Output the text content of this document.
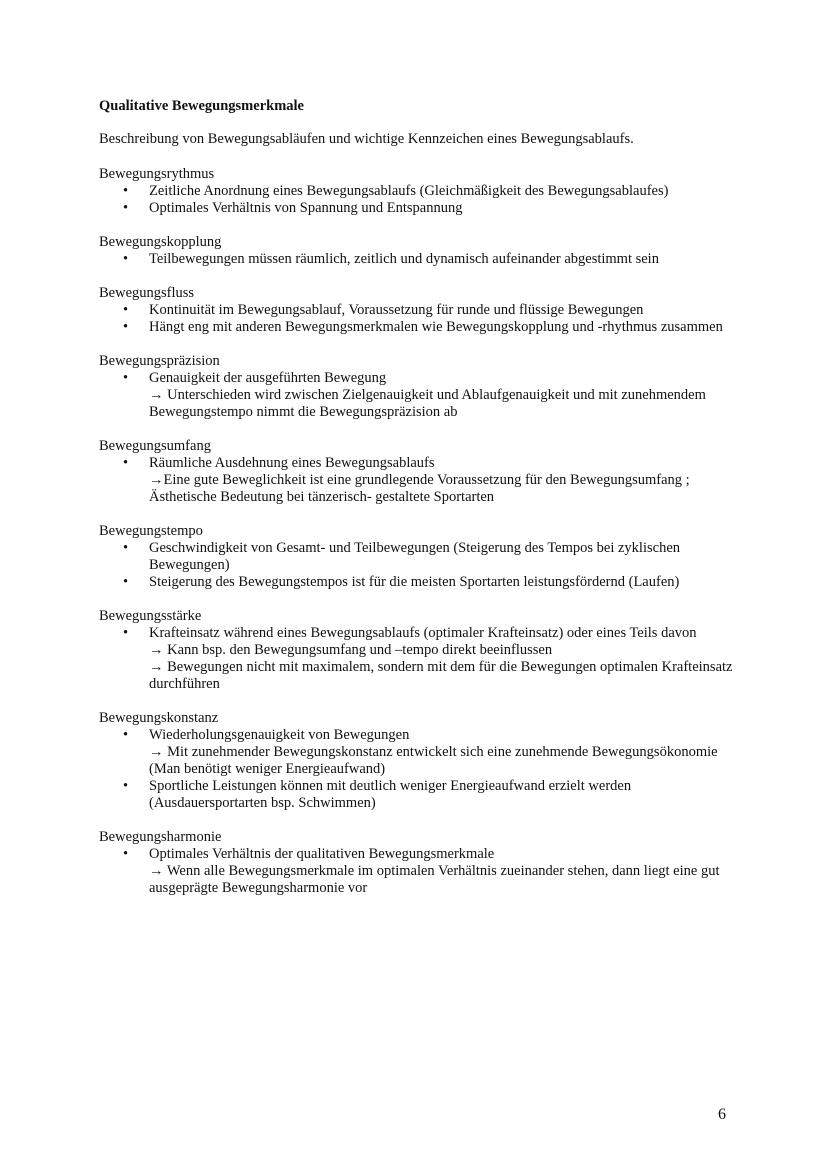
Qualitative Bewegungsmerkmale

Beschreibung von Bewegungsabläufen und wichtige Kennzeichen eines Bewegungsablaufs.

Bewegungsrythmus

• Zeitliche Anordnung eines Bewegungsablaufs (Gleichmäßigkeit des Bewegungsablaufes)
• Optimales Verhältnis von Spannung und Entspannung

Bewegungskopplung

• Teilbewegungen müssen räumlich, zeitlich und dynamisch aufeinander abgestimmt sein

Bewegungsfluss

• Kontinuität im Bewegungsablauf, Voraussetzung für runde und flüssige Bewegungen
• Hängt eng mit anderen Bewegungsmerkmalen wie Bewegungskopplung und -rhythmus zusammen

Bewegungspräzision

• Genauigkeit der ausgeführten Bewegung
→ Unterschieden wird zwischen Zielgenauigkeit und Ablaufgenauigkeit und mit zunehmendem Bewegungstempo nimmt die Bewegungspräzision ab

Bewegungsumfang

• Räumliche Ausdehnung eines Bewegungsablaufs
→Eine gute Beweglichkeit ist eine grundlegende Voraussetzung für den Bewegungsumfang ; Ästhetische Bedeutung bei tänzerisch- gestaltete Sportarten

Bewegungstempo

• Geschwindigkeit von Gesamt- und Teilbewegungen (Steigerung des Tempos bei zyklischen Bewegungen)
• Steigerung des Bewegungstempos ist für die meisten Sportarten leistungsfördernd (Laufen)

Bewegungsstärke

• Krafteinsatz während eines Bewegungsablaufs (optimaler Krafteinsatz) oder eines Teils davon
→ Kann bsp. den Bewegungsumfang und –tempo direkt beeinflussen
→ Bewegungen nicht mit maximalem, sondern mit dem für die Bewegungen optimalen Krafteinsatz durchführen

Bewegungskonstanz

• Wiederholungsgenauigkeit von Bewegungen
→ Mit zunehmender Bewegungskonstanz entwickelt sich eine zunehmende Bewegungsökonomie (Man benötigt weniger Energieaufwand)
• Sportliche Leistungen können mit deutlich weniger Energieaufwand erzielt werden (Ausdauersportarten bsp. Schwimmen)

Bewegungsharmonie

• Optimales Verhältnis der qualitativen Bewegungsmerkmale
→ Wenn alle Bewegungsmerkmale im optimalen Verhältnis zueinander stehen, dann liegt eine gut ausgeprägte Bewegungsharmonie vor
6
